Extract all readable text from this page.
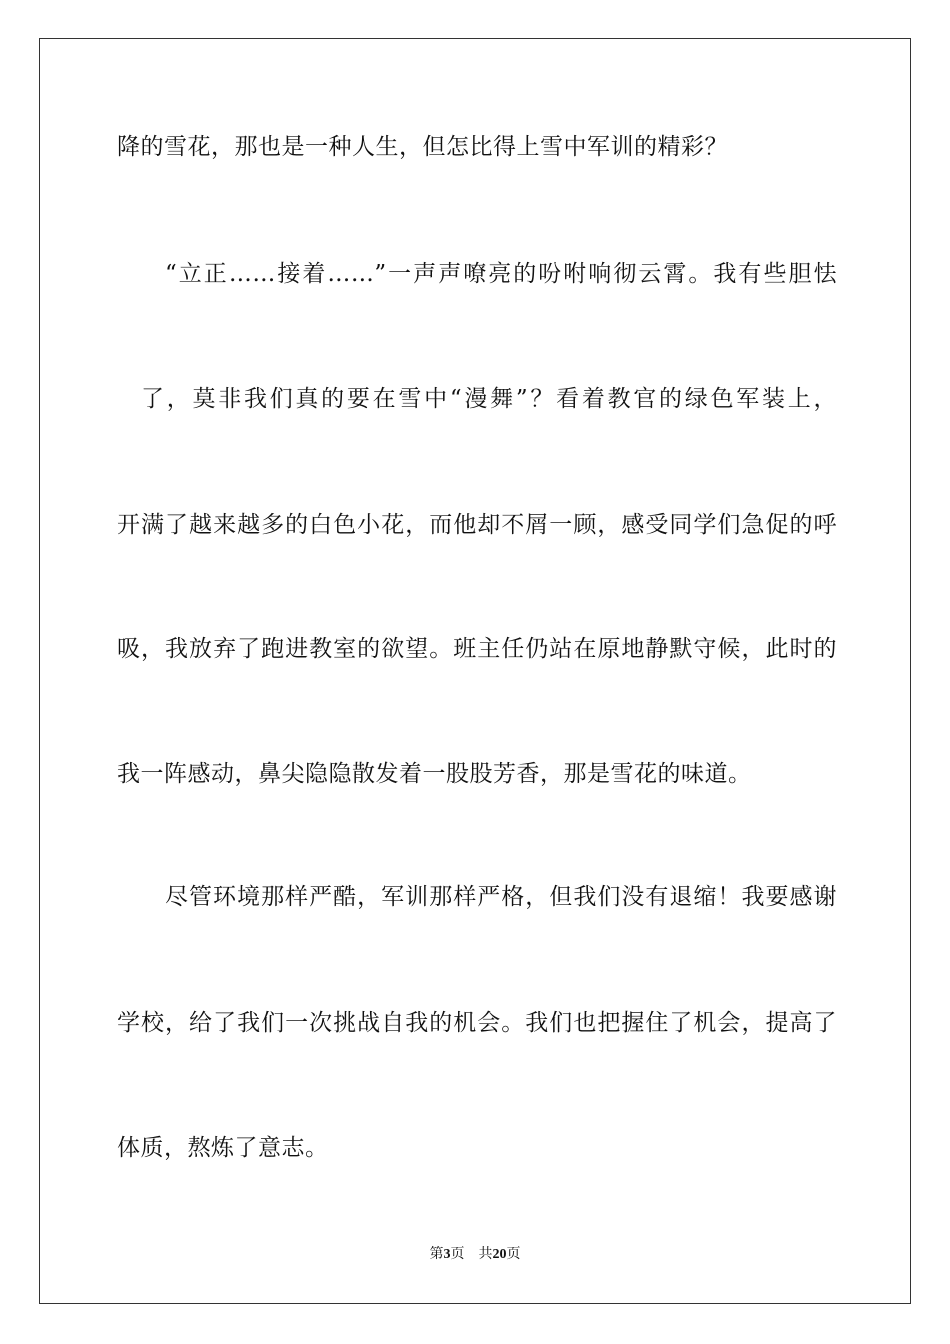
降的雪花，那也是一种人生，但怎比得上雪中军训的精彩？
“立正……接着……”一声声嘹亮的吩咐响彻云霄。我有些胆怯
了，莫非我们真的要在雪中“漫舞”？看着教官的绿色军装上，
开满了越来越多的白色小花，而他却不屑一顾，感受同学们急促的呼
吸，我放弃了跑进教室的欲望。班主任仍站在原地静默守候，此时的
我一阵感动，鼻尖隐隐散发着一股股芳香，那是雪花的味道。
尽管环境那样严酷，军训那样严格，但我们没有退缩！我要感谢
学校，给了我们一次挑战自我的机会。我们也把握住了机会，提高了
体质，熬炼了意志。
第3页 共20页
